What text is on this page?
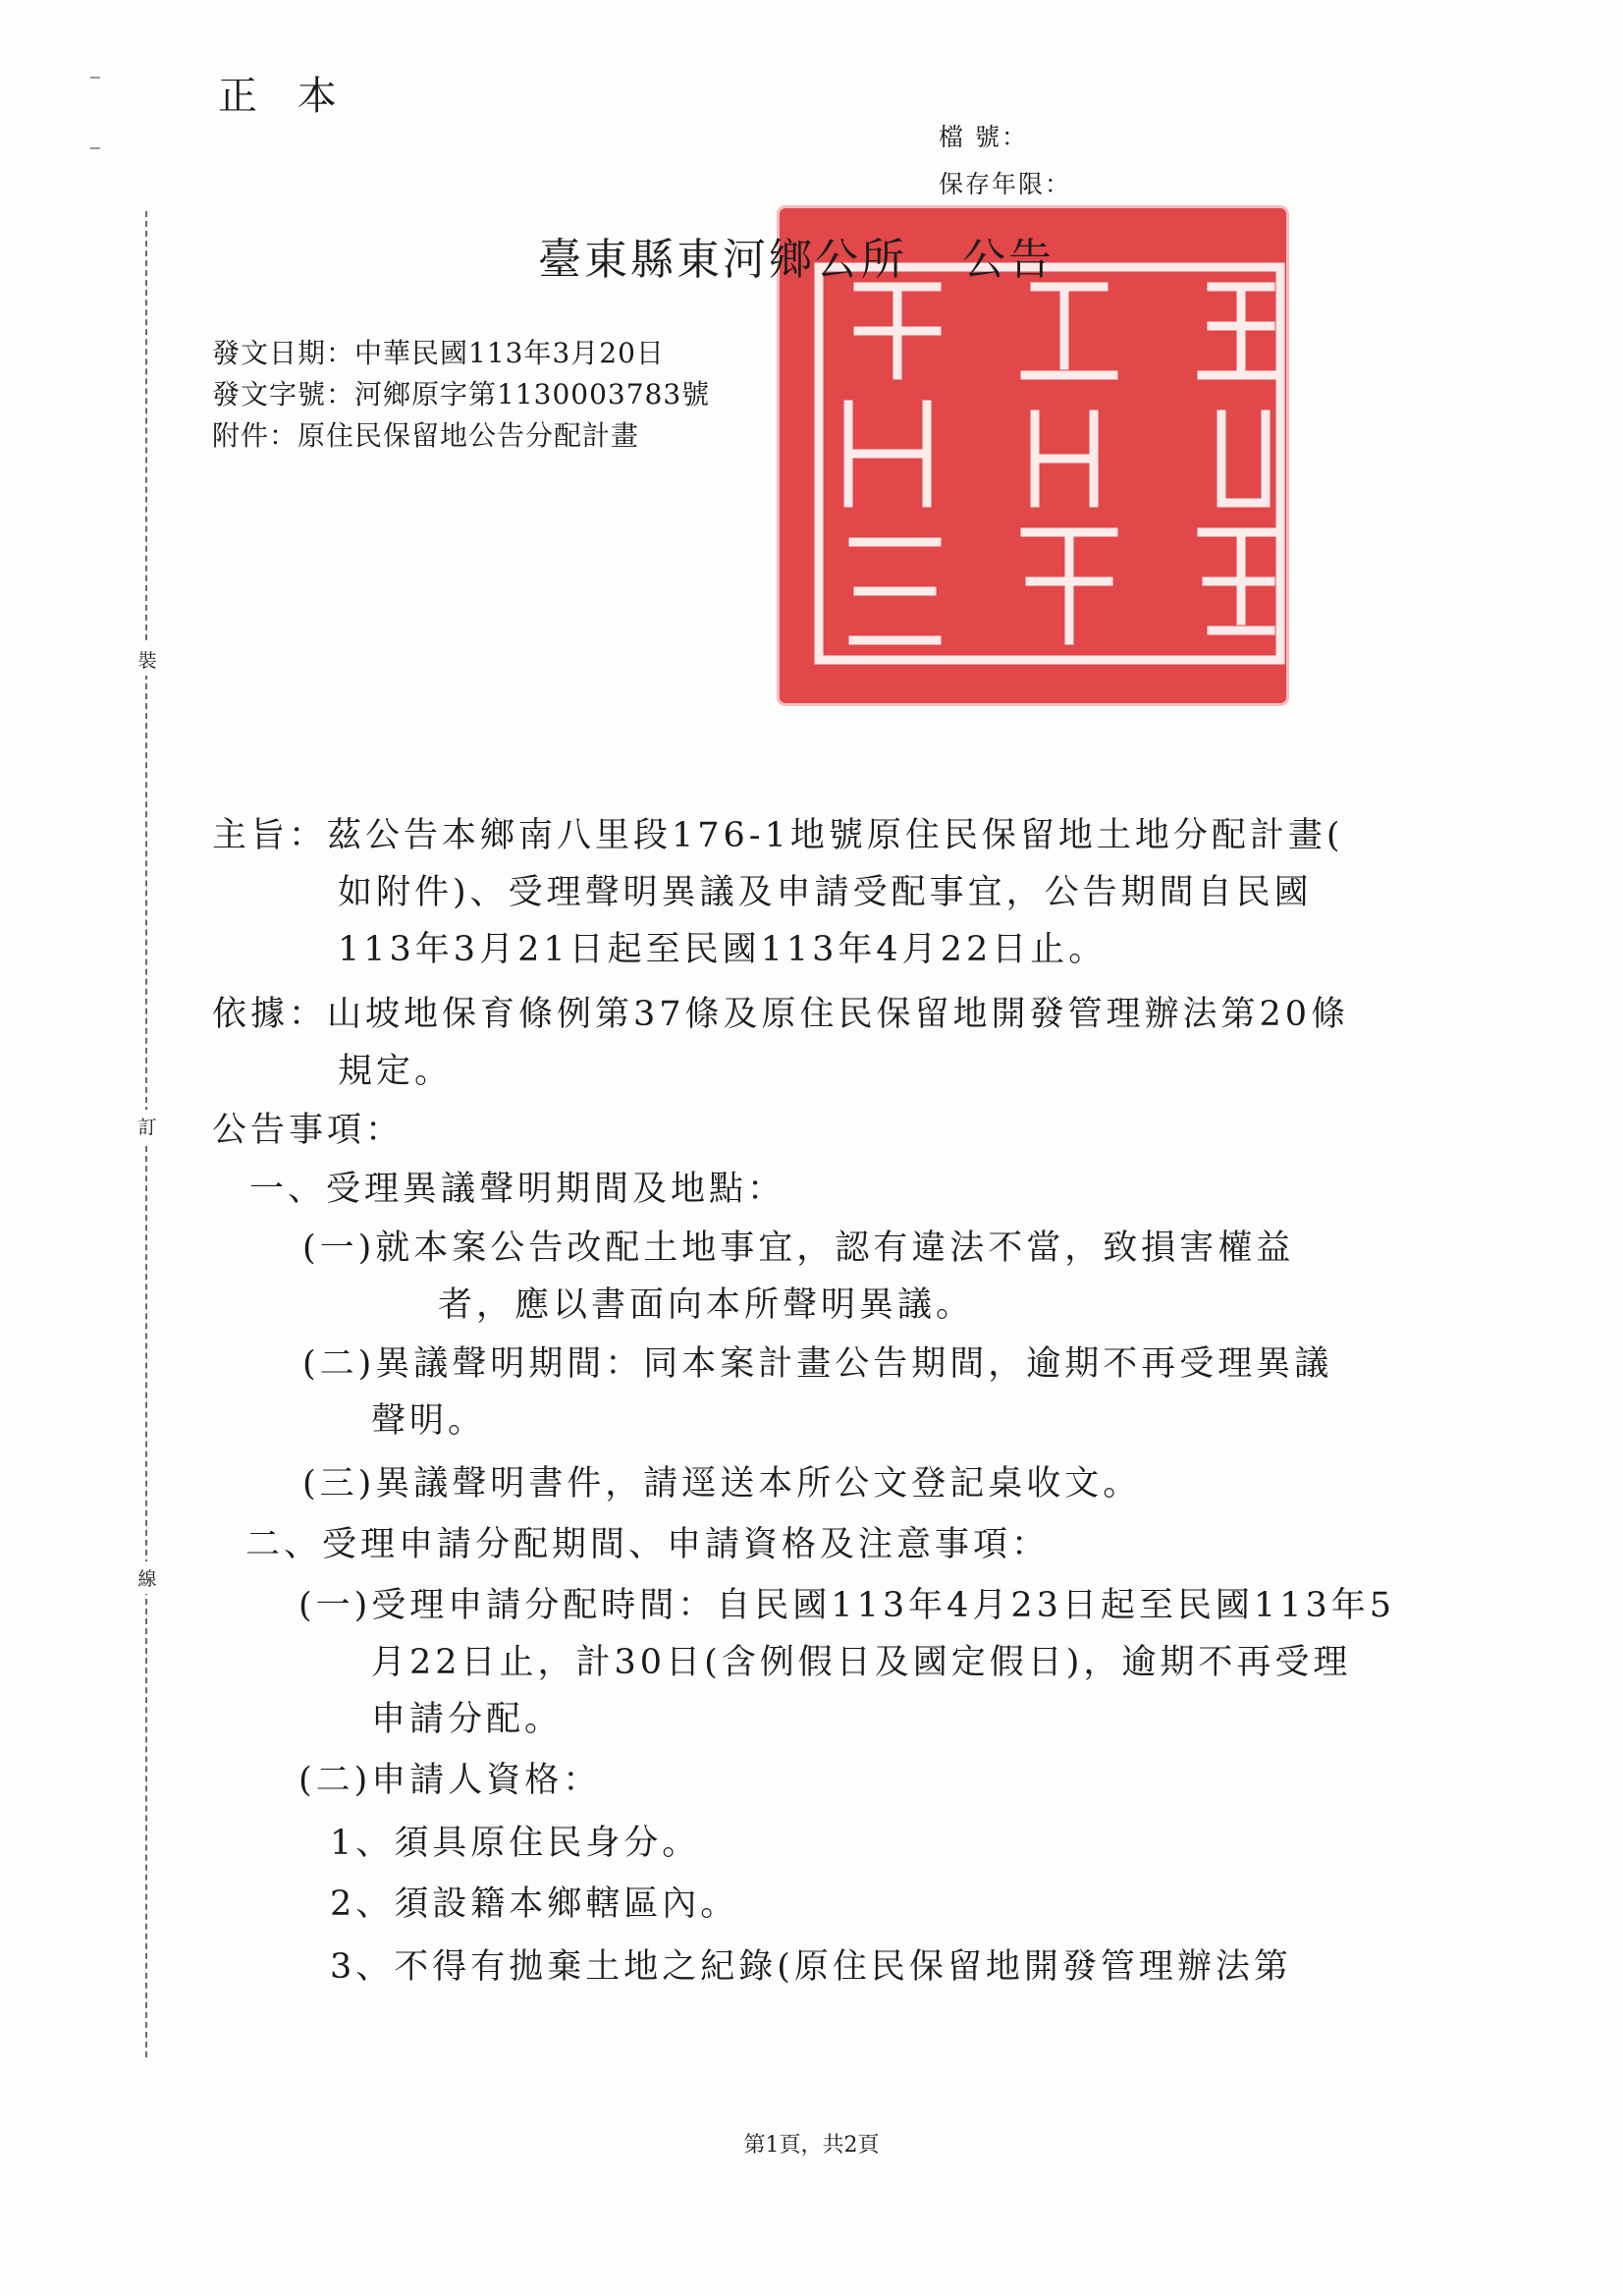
正 本
檔 號：
保存年限：
裝
訂
線
臺東縣東河鄉公所 公告
發文日期：中華民國113年3月20日
發文字號：河鄉原字第1130003783號
附件：原住民保留地公告分配計畫
主旨：茲公告本鄉南八里段176-1地號原住民保留地土地分配計畫(
如附件)、受理聲明異議及申請受配事宜，公告期間自民國
113年3月21日起至民國113年4月22日止。
依據：山坡地保育條例第37條及原住民保留地開發管理辦法第20條
規定。
公告事項：
一、受理異議聲明期間及地點：
(一)就本案公告改配土地事宜，認有違法不當，致損害權益
者，應以書面向本所聲明異議。
(二)異議聲明期間：同本案計畫公告期間，逾期不再受理異議
聲明。
(三)異議聲明書件，請逕送本所公文登記桌收文。
二、受理申請分配期間、申請資格及注意事項：
(一)受理申請分配時間：自民國113年4月23日起至民國113年5
月22日止，計30日(含例假日及國定假日)，逾期不再受理
申請分配。
(二)申請人資格：
1、須具原住民身分。
2、須設籍本鄉轄區內。
3、不得有拋棄土地之紀錄(原住民保留地開發管理辦法第
第1頁，共2頁
